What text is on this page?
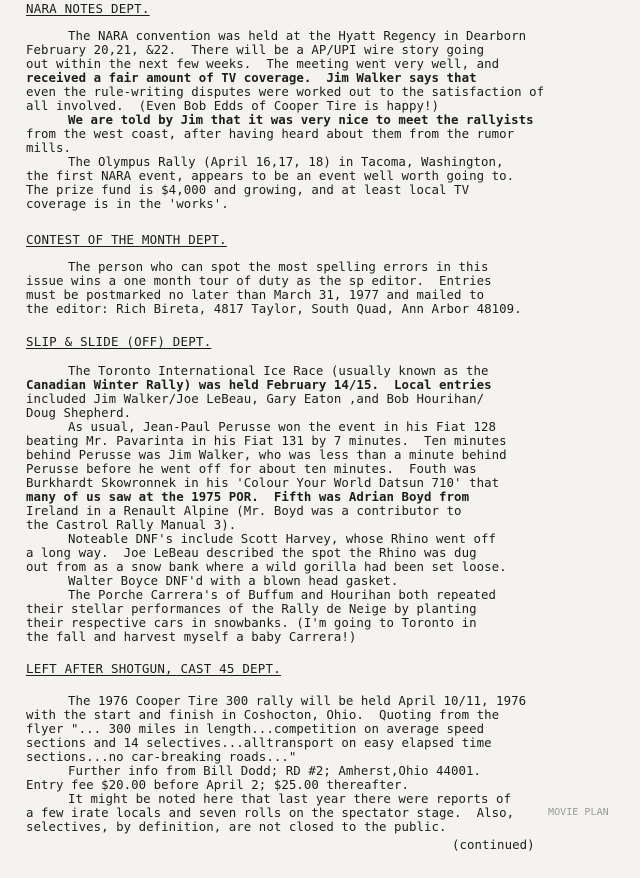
NARA NOTES DEPT.

The NARA convention was held at the Hyatt Regency in Dearborn

February 20,21, &22.  There will be a AP/UPI wire story going

out within the next few weeks.  The meeting went very well, and

received a fair amount of TV coverage.  Jim Walker says that

even the rule-writing disputes were worked out to the satisfaction of

all involved.  (Even Bob Edds of Cooper Tire is happy!)

We are told by Jim that it was very nice to meet the rallyists

from the west coast, after having heard about them from the rumor

mills.

The Olympus Rally (April 16,17, 18) in Tacoma, Washington,

the first NARA event, appears to be an event well worth going to.

The prize fund is $4,000 and growing, and at least local TV

coverage is in the 'works'.

CONTEST OF THE MONTH DEPT.

The person who can spot the most spelling errors in this

issue wins a one month tour of duty as the sp editor.  Entries

must be postmarked no later than March 31, 1977 and mailed to

the editor: Rich Bireta, 4817 Taylor, South Quad, Ann Arbor 48109.

SLIP & SLIDE (OFF) DEPT.

The Toronto International Ice Race (usually known as the

Canadian Winter Rally) was held February 14/15.  Local entries

included Jim Walker/Joe LeBeau, Gary Eaton ,and Bob Hourihan/

Doug Shepherd.

As usual, Jean-Paul Perusse won the event in his Fiat 128

beating Mr. Pavarinta in his Fiat 131 by 7 minutes.  Ten minutes

behind Perusse was Jim Walker, who was less than a minute behind

Perusse before he went off for about ten minutes.  Fouth was

Burkhardt Skowronnek in his 'Colour Your World Datsun 710' that

many of us saw at the 1975 POR.  Fifth was Adrian Boyd from

Ireland in a Renault Alpine (Mr. Boyd was a contributor to

the Castrol Rally Manual 3).

Noteable DNF's include Scott Harvey, whose Rhino went off

a long way.  Joe LeBeau described the spot the Rhino was dug

out from as a snow bank where a wild gorilla had been set loose.

Walter Boyce DNF'd with a blown head gasket.

The Porche Carrera's of Buffum and Hourihan both repeated

their stellar performances of the Rally de Neige by planting

their respective cars in snowbanks. (I'm going to Toronto in

the fall and harvest myself a baby Carrera!)

LEFT AFTER SHOTGUN, CAST 45 DEPT.

The 1976 Cooper Tire 300 rally will be held April 10/11, 1976

with the start and finish in Coshocton, Ohio.  Quoting from the

flyer "... 300 miles in length...competition on average speed

sections and 14 selectives...alltransport on easy elapsed time

sections...no car-breaking roads..."

Further info from Bill Dodd; RD #2; Amherst,Ohio 44001.

Entry fee $20.00 before April 2; $25.00 thereafter.

It might be noted here that last year there were reports of

a few irate locals and seven rolls on the spectator stage.  Also,

selectives, by definition, are not closed to the public.

(continued)

MOVIE PLAN
